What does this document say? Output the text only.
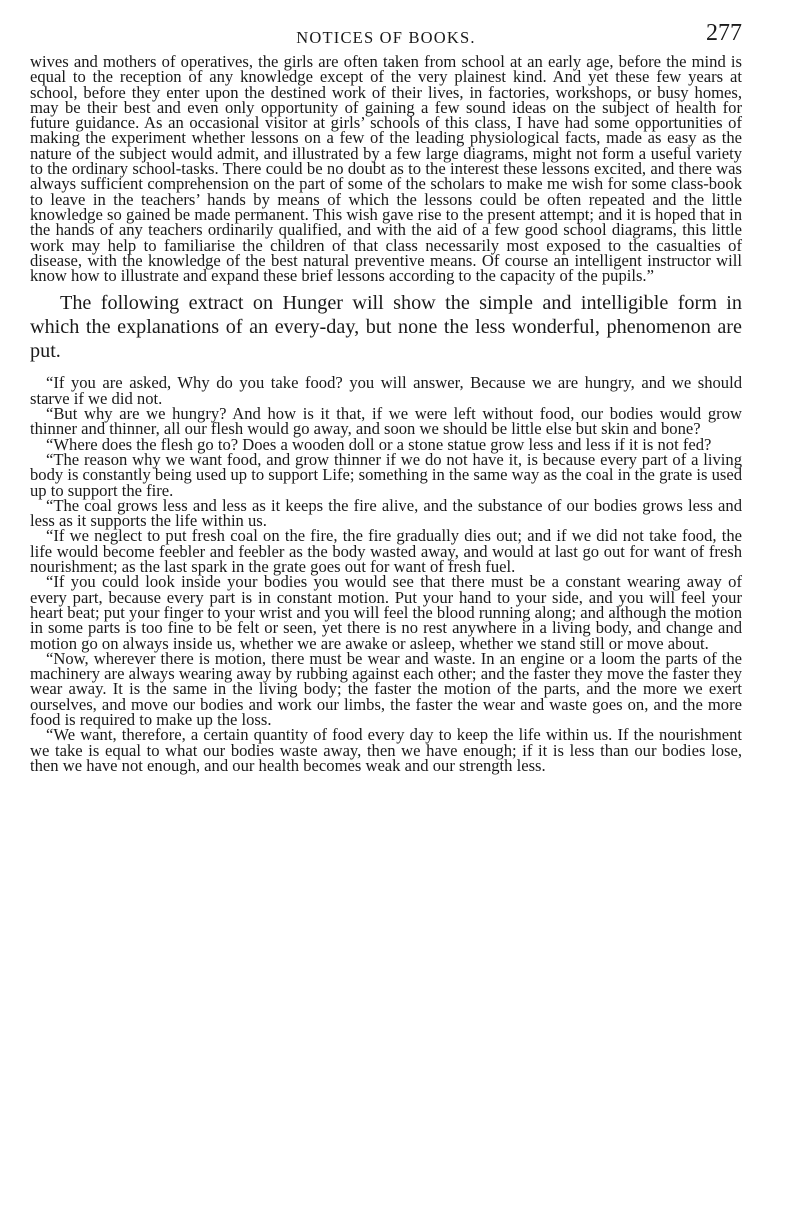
NOTICES OF BOOKS.	277

wives and mothers of operatives, the girls are often taken from school at an early age, before the mind is equal to the reception of any knowledge except of the very plainest kind. And yet these few years at school, before they enter upon the destined work of their lives, in factories, workshops, or busy homes, may be their best and even only opportunity of gaining a few sound ideas on the subject of health for future guidance. As an occasional visitor at girls’ schools of this class, I have had some opportunities of making the experiment whether lessons on a few of the leading physiological facts, made as easy as the nature of the subject would admit, and illustrated by a few large diagrams, might not form a useful variety to the ordinary school-tasks. There could be no doubt as to the interest these lessons excited, and there was always sufficient comprehension on the part of some of the scholars to make me wish for some class-book to leave in the teachers’ hands by means of which the lessons could be often repeated and the little knowledge so gained be made permanent. This wish gave rise to the present attempt; and it is hoped that in the hands of any teachers ordinarily qualified, and with the aid of a few good school diagrams, this little work may help to familiarise the children of that class necessarily most exposed to the casualties of disease, with the knowledge of the best natural preventive means. Of course an intelligent instructor will know how to illustrate and expand these brief lessons according to the capacity of the pupils.”

The following extract on Hunger will show the simple and intelligible form in which the explanations of an every-day, but none the less wonderful, phenomenon are put.

“If you are asked, Why do you take food? you will answer, Because we are hungry, and we should starve if we did not.

“But why are we hungry? And how is it that, if we were left without food, our bodies would grow thinner and thinner, all our flesh would go away, and soon we should be little else but skin and bone?

“Where does the flesh go to? Does a wooden doll or a stone statue grow less and less if it is not fed?

“The reason why we want food, and grow thinner if we do not have it, is because every part of a living body is constantly being used up to support Life; something in the same way as the coal in the grate is used up to support the fire.

“The coal grows less and less as it keeps the fire alive, and the substance of our bodies grows less and less as it supports the life within us.

“If we neglect to put fresh coal on the fire, the fire gradually dies out; and if we did not take food, the life would become feebler and feebler as the body wasted away, and would at last go out for want of fresh nourishment; as the last spark in the grate goes out for want of fresh fuel.

“If you could look inside your bodies you would see that there must be a constant wearing away of every part, because every part is in constant motion. Put your hand to your side, and you will feel your heart beat; put your finger to your wrist and you will feel the blood running along; and although the motion in some parts is too fine to be felt or seen, yet there is no rest anywhere in a living body, and change and motion go on always inside us, whether we are awake or asleep, whether we stand still or move about.

“Now, wherever there is motion, there must be wear and waste. In an engine or a loom the parts of the machinery are always wearing away by rubbing against each other; and the faster they move the faster they wear away. It is the same in the living body; the faster the motion of the parts, and the more we exert ourselves, and move our bodies and work our limbs, the faster the wear and waste goes on, and the more food is required to make up the loss.

“We want, therefore, a certain quantity of food every day to keep the life within us. If the nourishment we take is equal to what our bodies waste away, then we have enough; if it is less than our bodies lose, then we have not enough, and our health becomes weak and our strength less.
